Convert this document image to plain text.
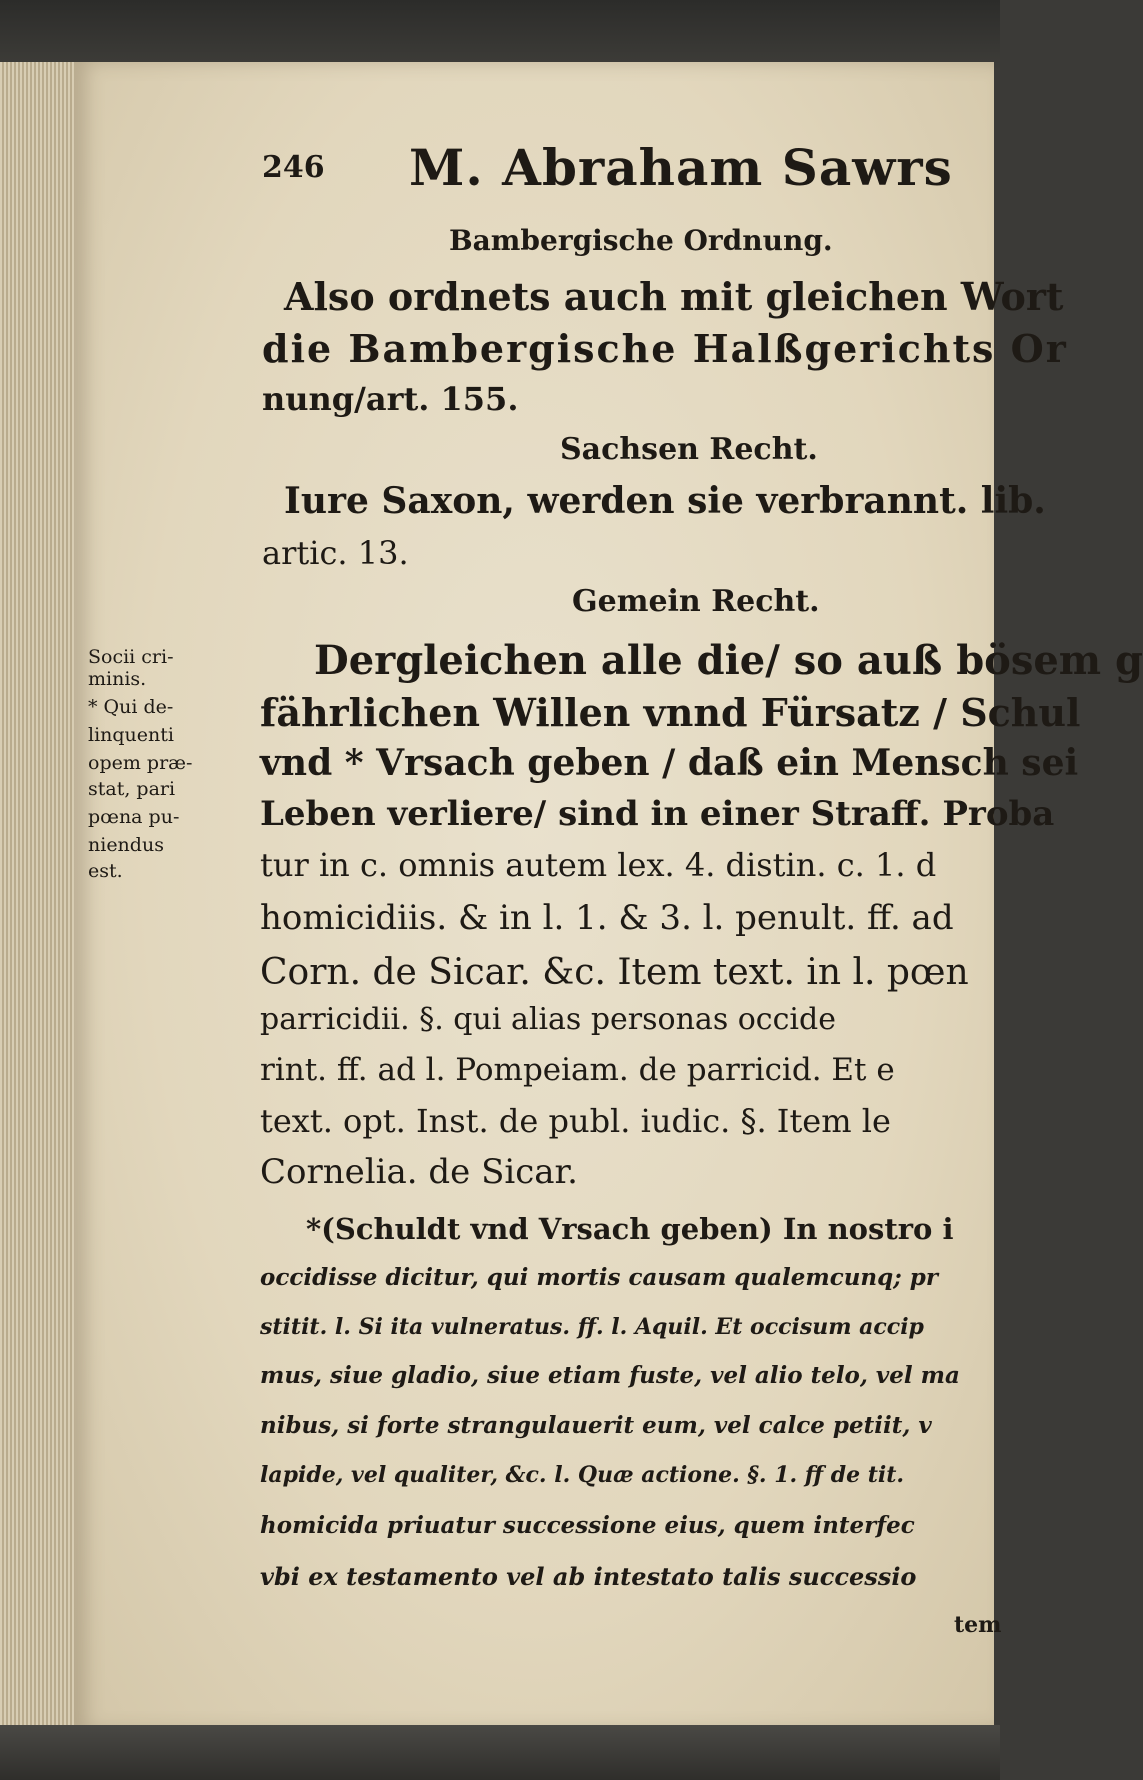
246 M. Abraham Sawrs
Bambergische Ordnung.
Also ordnets auch mit gleichen Wort
die Bambergische Halßgerichts Or
nung/art. 155.
Sachsen Recht.
Iure Saxon, werden sie verbrannt. lib.
artic. 13.
Gemein Recht.
Dergleichen alle die/ so auß bösem g
fährlichen Willen vnnd Fürsatz / Schul
vnd * Vrsach geben / daß ein Mensch sei
Leben verliere/ sind in einer Straff. Proba
tur in c. omnis autem lex. 4. distin. c. 1. d
homicidiis. & in l. 1. & 3. l. penult. ff. ad
Corn. de Sicar. &c. Item text. in l. pœn
parricidii. §. qui alias personas occide
rint. ff. ad l. Pompeiam. de parricid. Et e
text. opt. Inst. de publ. iudic. §. Item le
Cornelia. de Sicar.
*(Schuldt vnd Vrsach geben) In nostro i
occidisse dicitur, qui mortis causam qualemcunq; pr
stitit. l. Si ita vulneratus. ff. l. Aquil. Et occisum accip
mus, siue gladio, siue etiam fuste, vel alio telo, vel ma
nibus, si forte strangulauerit eum, vel calce petiit, v
lapide, vel qualiter, &c. l. Quæ actione. §. 1. ff de tit.
homicida priuatur successione eius, quem interfec
vbi ex testamento vel ab intestato talis successio
tem
Socii cri-
minis.
* Qui de-
linquenti
opem præ-
stat, pari
pœna pu-
niendus
est.
